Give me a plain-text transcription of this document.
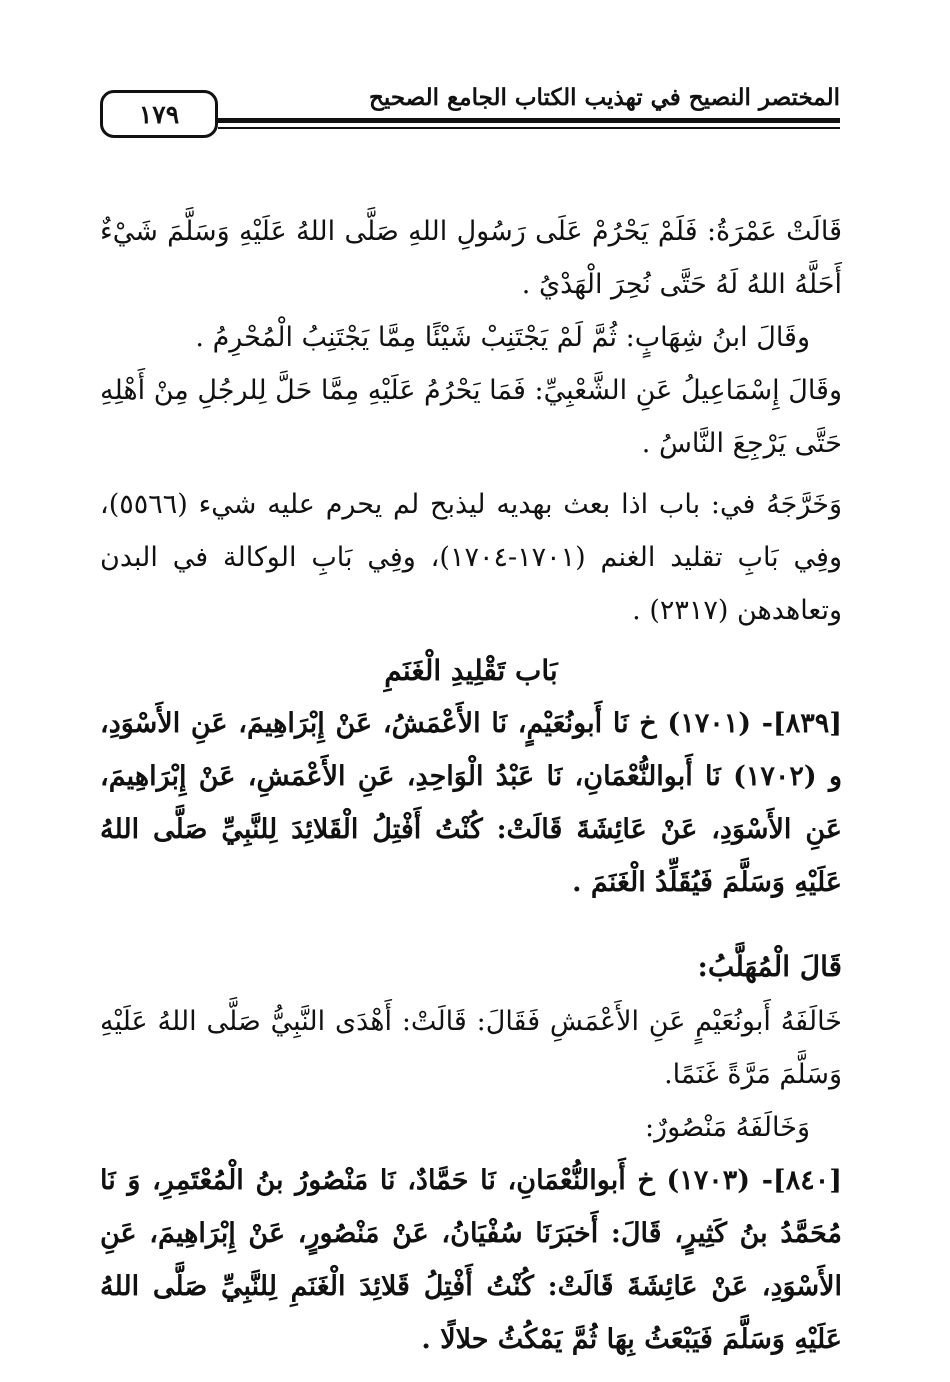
١٧٩
المختصر النصيح في تهذيب الكتاب الجامع الصحيح

قَالَتْ عَمْرَةُ: فَلَمْ يَحْرُمْ عَلَى رَسُولِ اللهِ صَلَّى اللهُ عَلَيْهِ وَسَلَّمَ شَيْءٌ أَحَلَّهُ اللهُ لَهُ حَتَّى نُحِرَ الْهَدْيُ .

وقَالَ ابنُ شِهَابٍ: ثُمَّ لَمْ يَجْتَنِبْ شَيْئًا مِمَّا يَجْتَنِبُ الْمُحْرِمُ .

وقَالَ إِسْمَاعِيلُ عَنِ الشَّعْبِيِّ: فَمَا يَحْرُمُ عَلَيْهِ مِمَّا حَلَّ لِلرجُلِ مِنْ أَهْلِهِ حَتَّى يَرْجِعَ النَّاسُ .

وَخَرَّجَهُ في: باب اذا بعث بهديه ليذبح لم يحرم عليه شيء (٥٥٦٦)، وفِي بَابِ تقليد الغنم (١٧٠١-١٧٠٤)، وفِي بَابِ الوكالة في البدن وتعاهدهن (٢٣١٧) .

بَاب تَقْلِيدِ الْغَنَمِ

[٨٣٩]- (١٧٠١) خ نَا أَبونُعَيْمٍ، نَا الأَعْمَشُ، عَنْ إِبْرَاهِيمَ، عَنِ الأَسْوَدِ، و (١٧٠٢) نَا أَبوالنُّعْمَانِ، نَا عَبْدُ الْوَاحِدِ، عَنِ الأَعْمَشِ، عَنْ إِبْرَاهِيمَ، عَنِ الأَسْوَدِ، عَنْ عَائِشَةَ قَالَتْ: كُنْتُ أَفْتِلُ الْقَلائِدَ لِلنَّبِيِّ صَلَّى اللهُ عَلَيْهِ وَسَلَّمَ فَيُقَلِّدُ الْغَنَمَ .

قَالَ الْمُهَلَّبُ:

خَالَفَهُ أَبونُعَيْمٍ عَنِ الأَعْمَشِ فَقَالَ: قَالَتْ: أَهْدَى النَّبِيُّ صَلَّى اللهُ عَلَيْهِ وَسَلَّمَ مَرَّةً غَنَمًا.

وَخَالَفَهُ مَنْصُورٌ:

[٨٤٠]- (١٧٠٣) خ أَبوالنُّعْمَانِ، نَا حَمَّادٌ، نَا مَنْصُورُ بنُ الْمُعْتَمِرِ، وَ نَا مُحَمَّدُ بنُ كَثِيرٍ، قَالَ: أَخبَرَنَا سُفْيَانُ، عَنْ مَنْصُورٍ، عَنْ إِبْرَاهِيمَ، عَنِ الأَسْوَدِ، عَنْ عَائِشَةَ قَالَتْ: كُنْتُ أَفْتِلُ قَلائِدَ الْغَنَمِ لِلنَّبِيِّ صَلَّى اللهُ عَلَيْهِ وَسَلَّمَ فَيَبْعَثُ بِهَا ثُمَّ يَمْكُثُ حلالًا .
